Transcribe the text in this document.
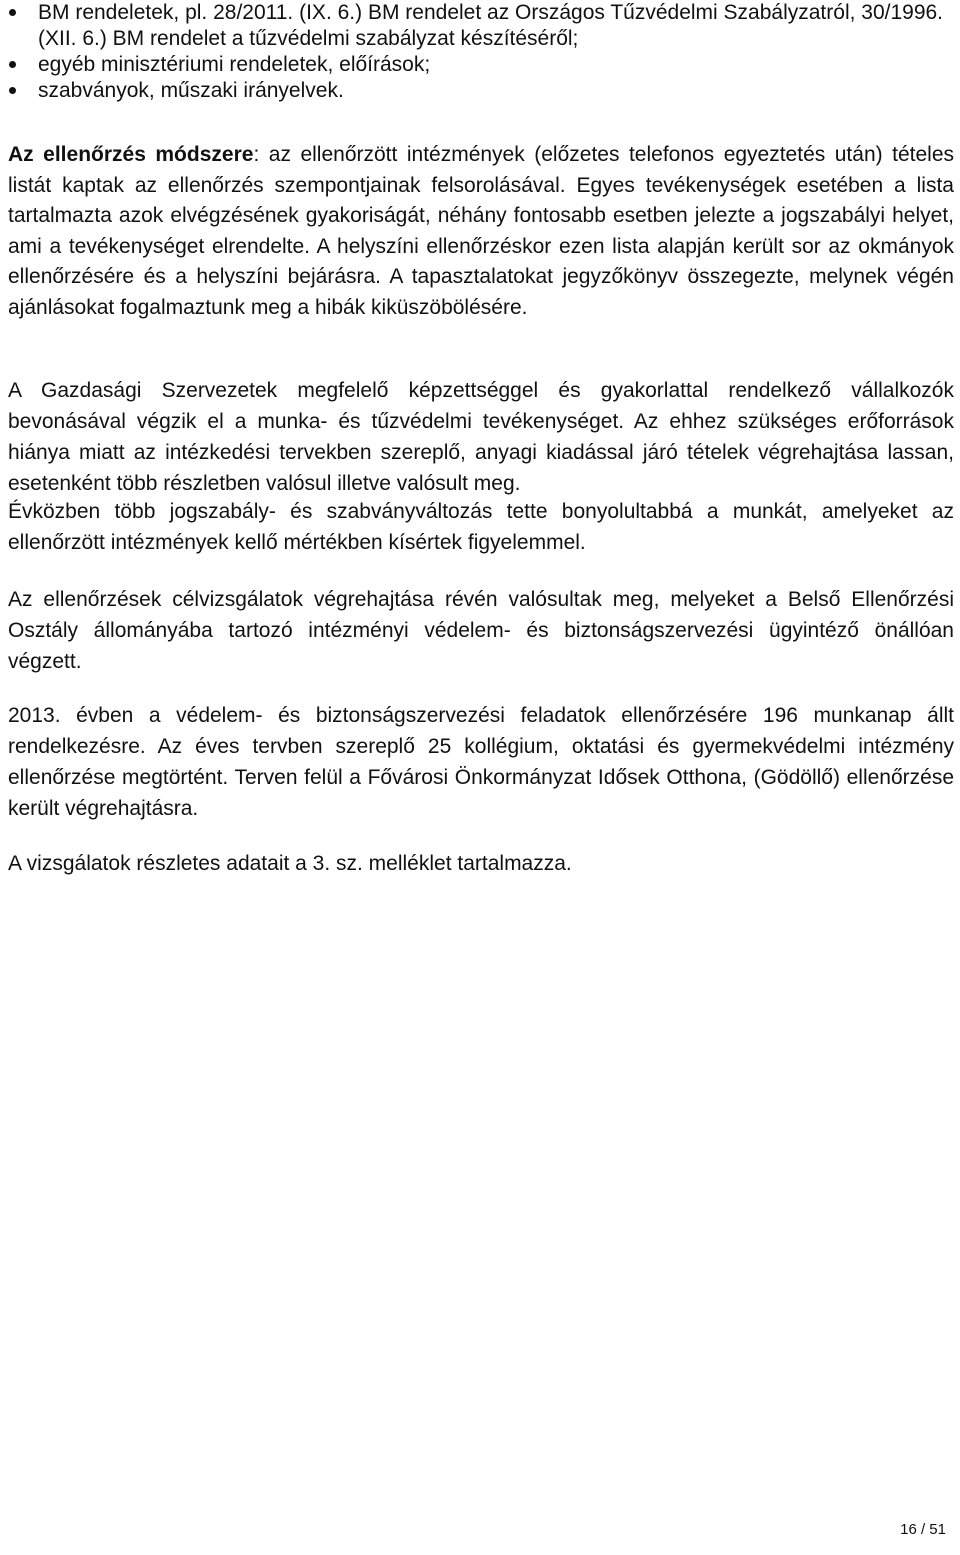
BM rendeletek, pl. 28/2011. (IX. 6.) BM rendelet az Országos Tűzvédelmi Szabályzatról, 30/1996. (XII. 6.) BM rendelet a tűzvédelmi szabályzat készítéséről;
egyéb minisztériumi rendeletek, előírások;
szabványok, műszaki irányelvek.

Az ellenőrzés módszere: az ellenőrzött intézmények (előzetes telefonos egyeztetés után) tételes listát kaptak az ellenőrzés szempontjainak felsorolásával. Egyes tevékenységek esetében a lista tartalmazta azok elvégzésének gyakoriságát, néhány fontosabb esetben jelezte a jogszabályi helyet, ami a tevékenységet elrendelte. A helyszíni ellenőrzéskor ezen lista alapján került sor az okmányok ellenőrzésére és a helyszíni bejárásra. A tapasztalatokat jegyzőkönyv összegezte, melynek végén ajánlásokat fogalmaztunk meg a hibák kiküszöbölésére.

A Gazdasági Szervezetek megfelelő képzettséggel és gyakorlattal rendelkező vállalkozók bevonásával végzik el a munka- és tűzvédelmi tevékenységet. Az ehhez szükséges erőforrások hiánya miatt az intézkedési tervekben szereplő, anyagi kiadással járó tételek végrehajtása lassan, esetenként több részletben valósul illetve valósult meg.

Évközben több jogszabály- és szabványváltozás tette bonyolultabbá a munkát, amelyeket az ellenőrzött intézmények kellő mértékben kísértek figyelemmel.

Az ellenőrzések célvizsgálatok végrehajtása révén valósultak meg, melyeket a Belső Ellenőrzési Osztály állományába tartozó intézményi védelem- és biztonságszervezési ügyintéző önállóan végzett.

2013. évben a védelem- és biztonságszervezési feladatok ellenőrzésére 196 munkanap állt rendelkezésre. Az éves tervben szereplő 25 kollégium, oktatási és gyermekvédelmi intézmény ellenőrzése megtörtént. Terven felül a Fővárosi Önkormányzat Idősek Otthona, (Gödöllő) ellenőrzése került végrehajtásra.

A vizsgálatok részletes adatait a 3. sz. melléklet tartalmazza.

16 / 51
